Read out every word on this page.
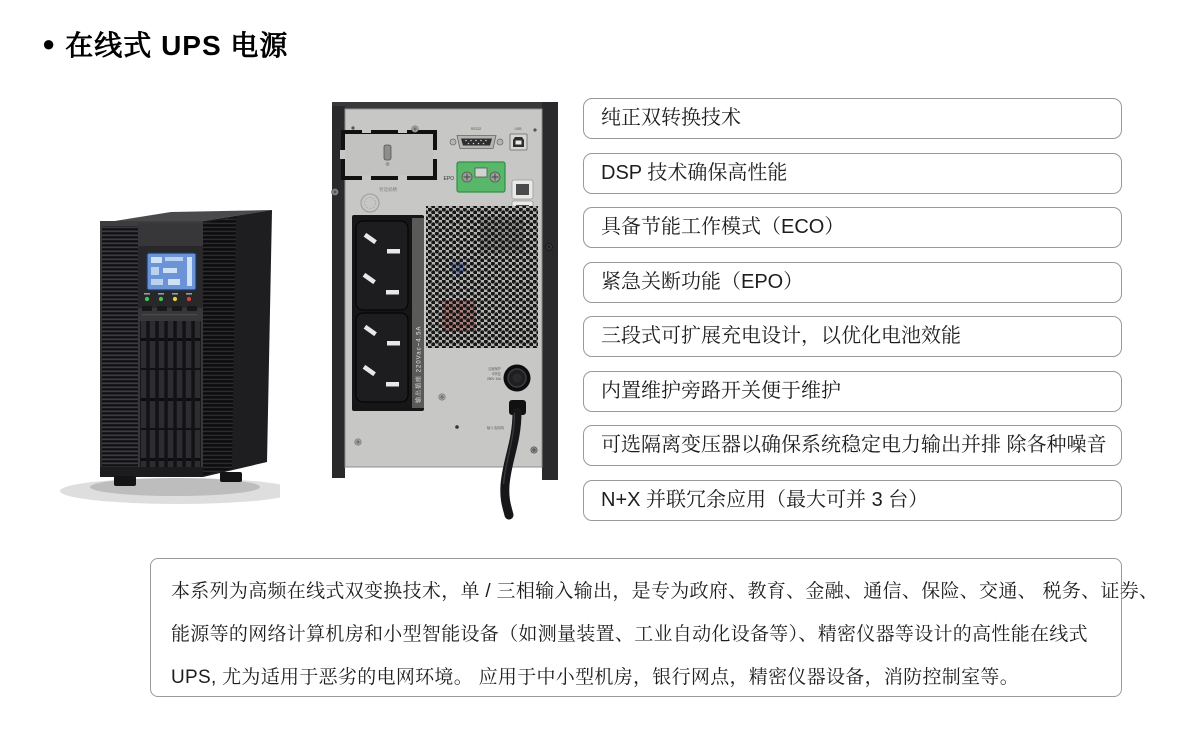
● 在线式 UPS 电源
智能插槽
RS232	USB
EPO
输出插座 220Vac~4.5A	过载保护
可恢复
250V 10A
输入电源线
纯正双转换技术
DSP 技术确保高性能
具备节能工作模式（ECO）
紧急关断功能（EPO）
三段式可扩展充电设计，以优化电池效能
内置维护旁路开关便于维护
可选隔离变压器以确保系统稳定电力输出并排 除各种噪音
N+X 并联冗余应用（最大可并 3 台）
本系列为高频在线式双变换技术，单 / 三相输入输出，是专为政府、教育、金融、通信、保险、交通、 税务、证券、
能源等的网络计算机房和小型智能设备（如测量装置、工业自动化设备等）、精密仪器等设计的高性能在线式
UPS, 尤为适用于恶劣的电网环境。 应用于中小型机房，银行网点，精密仪器设备，消防控制室等。
